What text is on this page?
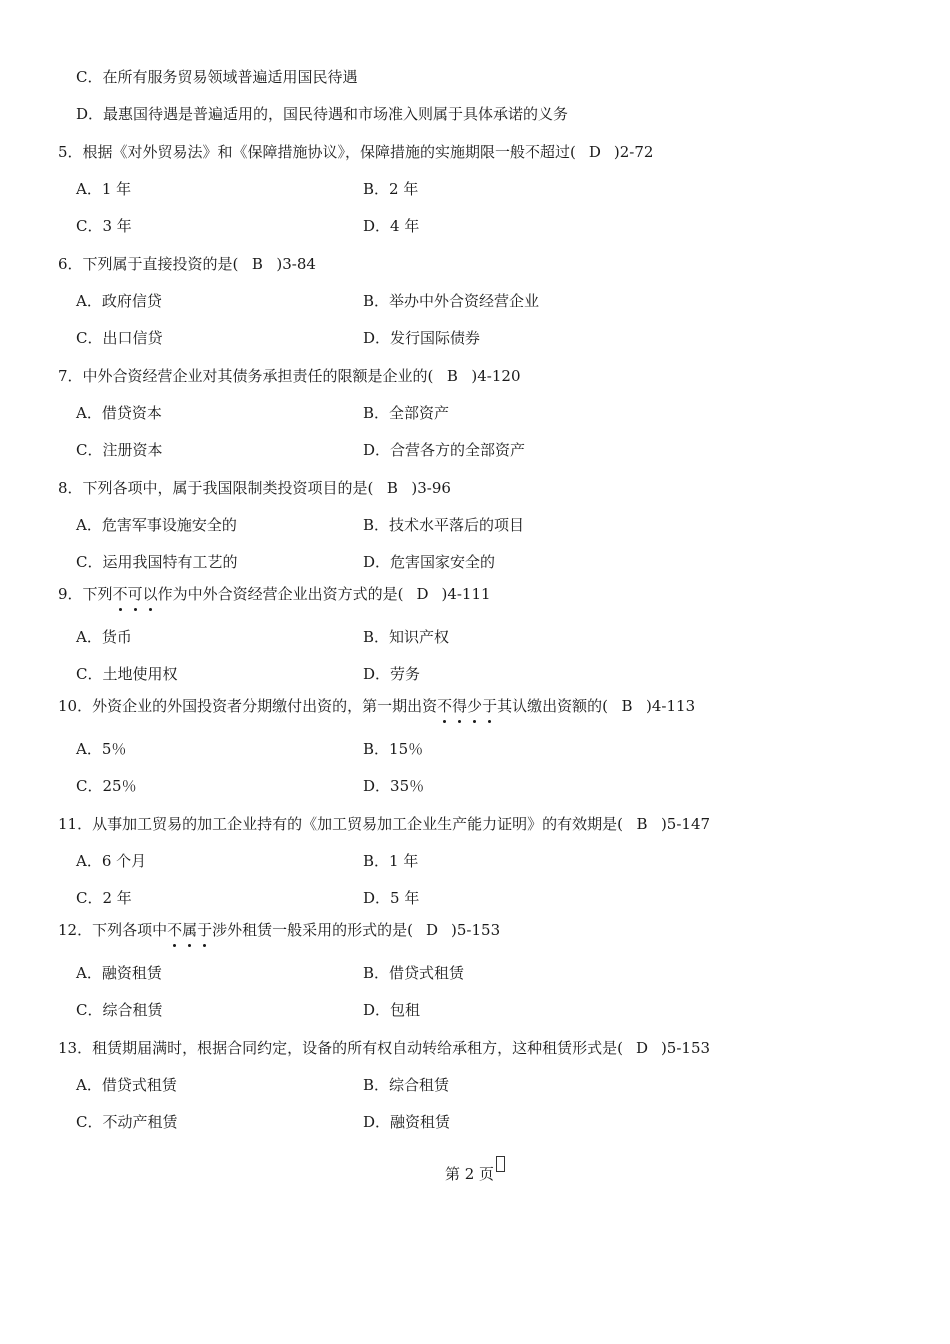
C．在所有服务贸易领域普遍适用国民待遇
D．最惠国待遇是普遍适用的，国民待遇和市场准入则属于具体承诺的义务
5．根据《对外贸易法》和《保障措施协议》，保障措施的实施期限一般不超过( D )2-72
A．1 年	B．2 年
C．3 年	D．4 年
6．下列属于直接投资的是( B )3-84
A．政府信贷	B．举办中外合资经营企业
C．出口信贷	D．发行国际债券
7．中外合资经营企业对其债务承担责任的限额是企业的( B )4-120
A．借贷资本	B．全部资产
C．注册资本	D．合营各方的全部资产
8．下列各项中，属于我国限制类投资项目的是( B )3-96
A．危害军事设施安全的	B．技术水平落后的项目
C．运用我国特有工艺的	D．危害国家安全的
9．下列不可以作为中外合资经营企业出资方式的是( D )4-111
A．货币	B．知识产权
C．土地使用权	D．劳务
10．外资企业的外国投资者分期缴付出资的，第一期出资不得少于其认缴出资额的( B )4-113
A．5％	B．15％
C．25％	D．35％
11．从事加工贸易的加工企业持有的《加工贸易加工企业生产能力证明》的有效期是( B )5-147
A．6 个月	B．1 年
C．2 年	D．5 年
12．下列各项中不属于涉外租赁一般采用的形式的是( D )5-153
A．融资租赁	B．借贷式租赁
C．综合租赁	D．包租
13．租赁期届满时，根据合同约定，设备的所有权自动转给承租方，这种租赁形式是( D )5-153
A．借贷式租赁	B．综合租赁
C．不动产租赁	D．融资租赁
第 2 页
